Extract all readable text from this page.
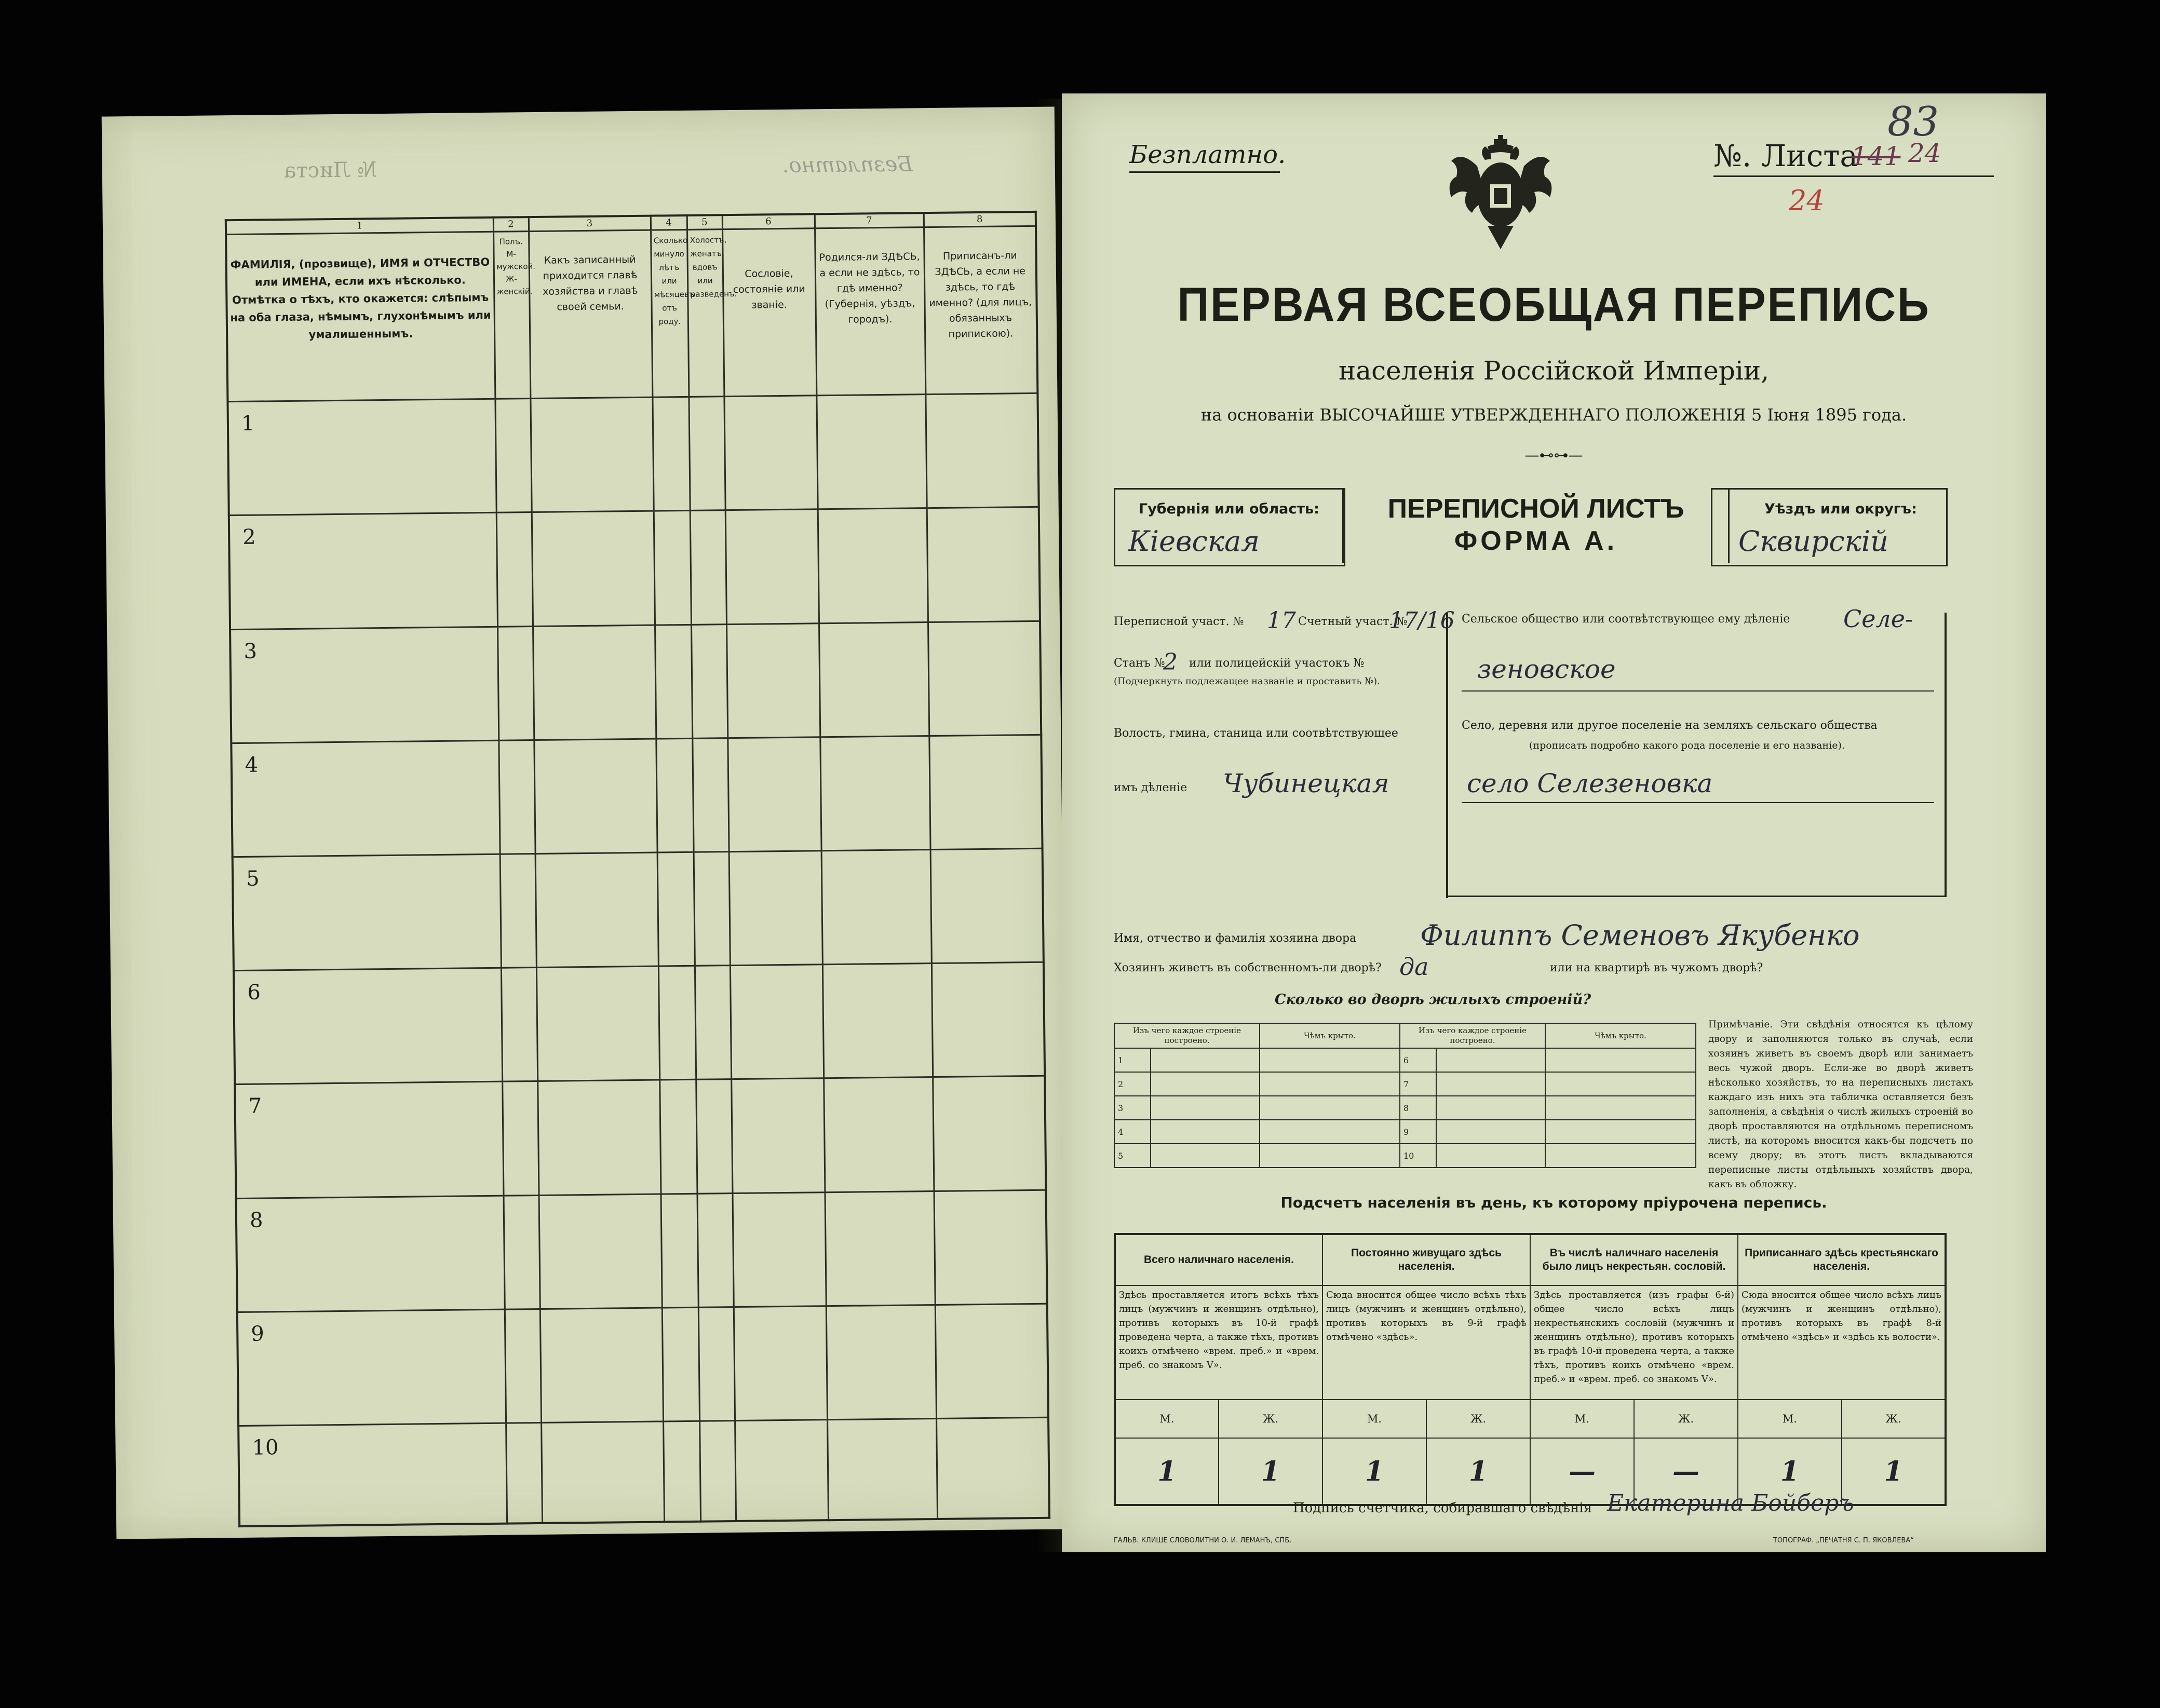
Безплатно.
№ Листа
1	2	3	4	5	6	7	8
ФАМИЛІЯ, (прозвище), ИМЯ и ОТЧЕСТВО или ИМЕНА, если ихъ нѣсколько. Отмѣтка о тѣхъ, кто окажется: слѣпымъ на оба глаза, нѣмымъ, глухонѣмымъ или умалишеннымъ.	Полъ. М-мужской. Ж-женскій.	Какъ записанный приходится главѣ хозяйства и главѣ своей семьи.	Сколько минуло лѣтъ или мѣсяцевъ отъ роду.	Холостъ, женатъ, вдовъ или разведенъ.	Сословіе, состояніе или званіе.	Родился-ли ЗДѢСЬ, а если не здѣсь, то гдѣ именно? (Губернія, уѣздъ, городъ).	Приписанъ-ли ЗДѢСЬ, а если не здѣсь, то гдѣ именно? (для лицъ, обязанныхъ припискою).
1							
2							
3							
4							
5							
6							
7							
8							
9							
10							
Безплатно.	№. Листа
141 24
83
24
ПЕРВАЯ ВСЕОБЩАЯ ПЕРЕПИСЬ
населенія Россійской Имперіи,
на основаніи ВЫСОЧАЙШЕ УТВЕРЖДЕННАГО ПОЛОЖЕНІЯ 5 Іюня 1895 года.
—⊷⊶—
Губернія или область:
Кіевская
ПЕРЕПИСНОЙ ЛИСТЪ
ФОРМА А.
Уѣздъ или округъ:
Сквирскій
Переписной участ. № 17 Счетный участ. №
17/16
Станъ №
2 или полицейскій участокъ №
(Подчеркнуть подлежащее названіе и проставить №).
Волость, гмина, станица или соотвѣтствующее
имъ дѣленіе Чубинецкая
Сельское общество или соотвѣтствующее ему дѣленіе Селе-
зеновское
Село, деревня или другое поселеніе на земляхъ сельскаго общества
(прописать подробно какого рода поселеніе и его названіе).
село Селезеновка
Имя, отчество и фамилія хозяина двора Филиппъ Семеновъ Якубенко
Хозяинъ живетъ въ собственномъ-ли дворѣ? да	или на квартирѣ въ чужомъ дворѣ?
Сколько во дворѣ жилыхъ строеній?
Изъ чего каждое строеніе построено.		Чѣмъ крыто.	Изъ чего каждое строеніе построено.		Чѣмъ крыто.
1			6		
2			7		
3			8		
4			9		
5			10		
Примѣчаніе. Эти свѣдѣнія относятся къ цѣлому двору и заполняются только въ случаѣ, если хозяинъ живетъ въ своемъ дворѣ или занимаетъ весь чужой дворъ. Если-же во дворѣ живетъ нѣсколько хозяйствъ, то на переписныхъ листахъ каждаго изъ нихъ эта табличка оставляется безъ заполненія, а свѣдѣнія о числѣ жилыхъ строеній во дворѣ проставляются на отдѣльномъ переписномъ листѣ, на которомъ вносится какъ-бы подсчетъ по всему двору; въ этотъ листъ вкладываются переписные листы отдѣльныхъ хозяйствъ двора, какъ въ обложку.
Подсчетъ населенія въ день, къ которому пріурочена перепись.
Всего наличнаго населенія.		Постоянно живущаго здѣсь населенія.		Въ числѣ наличнаго населенія было лицъ некрестьян. сословій.		Приписаннаго здѣсь крестьянскаго населенія.	
Здѣсь проставляется итогъ всѣхъ тѣхъ лицъ (мужчинъ и женщинъ отдѣльно), противъ которыхъ въ 10-й графѣ проведена черта, а также тѣхъ, противъ коихъ отмѣчено «врем. преб.» и «врем. преб. со знакомъ V».		Сюда вносится общее число всѣхъ тѣхъ лицъ (мужчинъ и женщинъ отдѣльно), противъ которыхъ въ 9-й графѣ отмѣчено «здѣсь».		Здѣсь проставляется (изъ графы 6-й) общее число всѣхъ лицъ некрестьянскихъ сословій (мужчинъ и женщинъ отдѣльно), противъ которыхъ въ графѣ 10-й проведена черта, а также тѣхъ, противъ коихъ отмѣчено «врем. преб.» и «врем. преб. со знакомъ V».		Сюда вносится общее число всѣхъ лицъ (мужчинъ и женщинъ отдѣльно), противъ которыхъ въ графѣ 8-й отмѣчено «здѣсь» и «здѣсь къ волости».	
М.	Ж.	М.	Ж.	М.	Ж.	М.	Ж.
1	1	1	1	—	—	1	1
Подпись счетчика, собиравшаго свѣдѣнія Екатерина Бойберъ
ГАЛЬВ. КЛИШЕ СЛОВОЛИТНИ О. И. ЛЕМАНЪ, СПБ.	ТОПОГРАФ. „ПЕЧАТНЯ С. П. ЯКОВЛЕВА“
